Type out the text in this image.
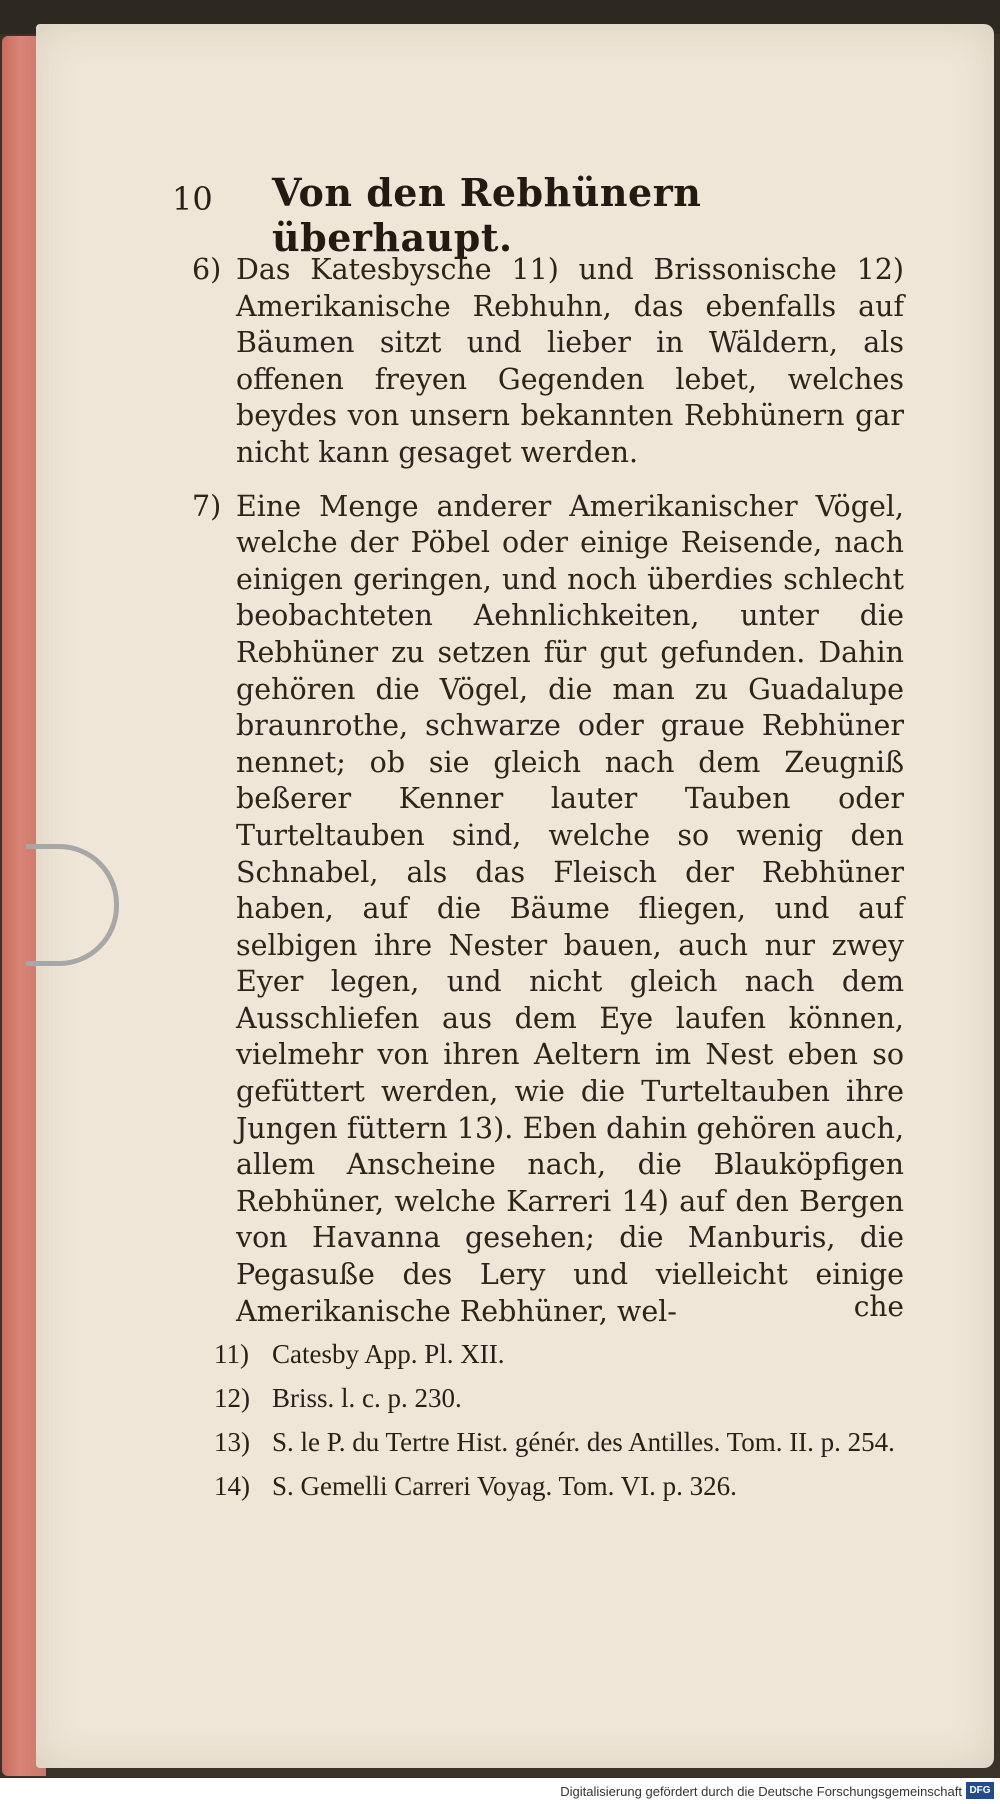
10 Von den Rebhünern überhaupt.

6) Das Katesbysche 11) und Brissonische 12) Amerikanische Rebhuhn, das ebenfalls auf Bäumen sitzt und lieber in Wäldern, als offenen freyen Gegenden lebet, welches beydes von unsern bekannten Rebhünern gar nicht kann gesaget werden.

7) Eine Menge anderer Amerikanischer Vögel, welche der Pöbel oder einige Reisende, nach einigen geringen, und noch überdies schlecht beobachteten Aehnlichkeiten, unter die Rebhüner zu setzen für gut gefunden. Dahin gehören die Vögel, die man zu Guadalupe braunrothe, schwarze oder graue Rebhüner nennet; ob sie gleich nach dem Zeugniß beßerer Kenner lauter Tauben oder Turteltauben sind, welche so wenig den Schnabel, als das Fleisch der Rebhüner haben, auf die Bäume fliegen, und auf selbigen ihre Nester bauen, auch nur zwey Eyer legen, und nicht gleich nach dem Ausschliefen aus dem Eye laufen können, vielmehr von ihren Aeltern im Nest eben so gefüttert werden, wie die Turteltauben ihre Jungen füttern 13). Eben dahin gehören auch, allem Anscheine nach, die Blauköpfigen Rebhüner, welche Karreri 14) auf den Bergen von Havanna gesehen; die Manburis, die Pegasuße des Lery und vielleicht einige Amerikanische Rebhüner, wel-	che
11) Catesby App. Pl. XII.
12) Briss. l. c. p. 230.
13) S. le P. du Tertre Hist. génér. des Antilles. Tom. II. p. 254.
14) S. Gemelli Carreri Voyag. Tom. VI. p. 326.
Digitalisierung gefördert durch die Deutsche Forschungsgemeinschaft DFG
